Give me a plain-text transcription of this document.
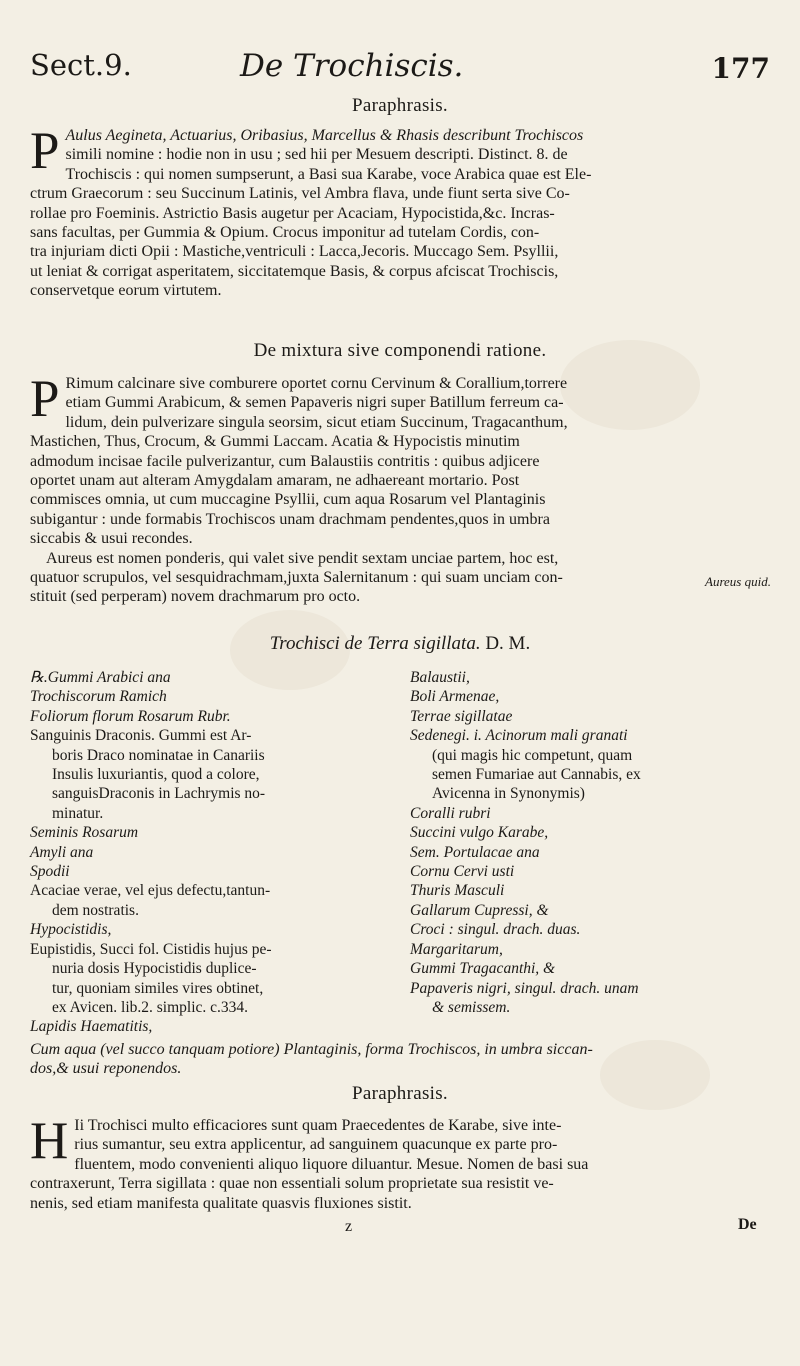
Sect.9.	De Trochiscis.	177
Paraphrasis.
P Aulus Aegineta, Actuarius, Oribasius, Marcellus & Rhasis describunt Trochiscos
simili nomine : hodie non in usu ; sed hii per Mesuem descripti. Distinct. 8. de
Trochiscis : qui nomen sumpserunt, a Basi sua Karabe, voce Arabica quae est Ele-
ctrum Graecorum : seu Succinum Latinis, vel Ambra flava, unde fiunt serta sive Co-
rollae pro Foeminis. Astrictio Basis augetur per Acaciam, Hypocistida,&c. Incras-
sans facultas, per Gummia & Opium. Crocus imponitur ad tutelam Cordis, con-
tra injuriam dicti Opii : Mastiche,ventriculi : Lacca,Jecoris. Muccago Sem. Psyllii,
ut leniat & corrigat asperitatem, siccitatemque Basis, & corpus afciscat Trochiscis,
conservetque eorum virtutem.
De mixtura sive componendi ratione.
P Rimum calcinare sive comburere oportet cornu Cervinum & Corallium,torrere
etiam Gummi Arabicum, & semen Papaveris nigri super Batillum ferreum ca-
lidum, dein pulverizare singula seorsim, sicut etiam Succinum, Tragacanthum,
Mastichen, Thus, Crocum, & Gummi Laccam. Acatia & Hypocistis minutim
admodum incisae facile pulverizantur, cum Balaustiis contritis : quibus adjicere
oportet unam aut alteram Amygdalam amaram, ne adhaereant mortario. Post
commisces omnia, ut cum muccagine Psyllii, cum aqua Rosarum vel Plantaginis
subigantur : unde formabis Trochiscos unam drachmam pendentes,quos in umbra
siccabis & usui recondes.
Aureus est nomen ponderis, qui valet sive pendit sextam unciae partem, hoc est,
quatuor scrupulos, vel sesquidrachmam,juxta Salernitanum : qui suam unciam con-
stituit (sed perperam) novem drachmarum pro octo.
Aureus quid.
Trochisci de Terra sigillata. D. M.
℞.Gummi Arabici ana
Trochiscorum Ramich
Foliorum florum Rosarum Rubr.
Sanguinis Draconis. Gummi est Ar-
boris Draco nominatae in Canariis
Insulis luxuriantis, quod a colore,
sanguisDraconis in Lachrymis no-
minatur.
Seminis Rosarum
Amyli ana
Spodii
Acaciae verae, vel ejus defectu,tantun-
dem nostratis.
Hypocistidis,
Eupistidis, Succi fol. Cistidis hujus pe-
nuria dosis Hypocistidis duplice-
tur, quoniam similes vires obtinet,
ex Avicen. lib.2. simplic. c.334.
Lapidis Haematitis,
Balaustii,
Boli Armenae,
Terrae sigillatae
Sedenegi. i. Acinorum mali granati
(qui magis hic competunt, quam
semen Fumariae aut Cannabis, ex
Avicenna in Synonymis)
Coralli rubri
Succini vulgo Karabe,
Sem. Portulacae ana
Cornu Cervi usti
Thuris Masculi
Gallarum Cupressi, &
Croci : singul. drach. duas.
Margaritarum,
Gummi Tragacanthi, &
Papaveris nigri, singul. drach. unam
& semissem.
Cum aqua (vel succo tanquam potiore) Plantaginis, forma Trochiscos, in umbra siccan-
dos,& usui reponendos.
Paraphrasis.
H Ii Trochisci multo efficaciores sunt quam Praecedentes de Karabe, sive inte-
rius sumantur, seu extra applicentur, ad sanguinem quacunque ex parte pro-
fluentem, modo convenienti aliquo liquore diluantur. Mesue. Nomen de basi sua
contraxerunt, Terra sigillata : quae non essentiali solum proprietate sua resistit ve-
nenis, sed etiam manifesta qualitate quasvis fluxiones sistit.
z	De
